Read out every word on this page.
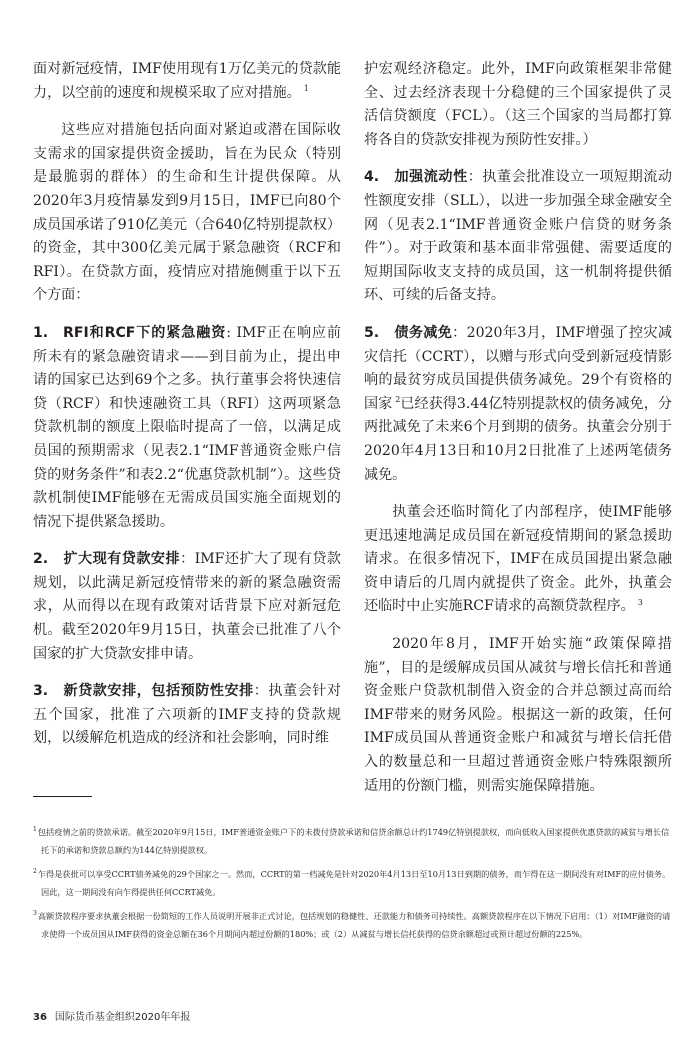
面对新冠疫情，IMF使用现有1万亿美元的贷款能力，以空前的速度和规模采取了应对措施。 $^1$

这些应对措施包括向面对紧迫或潜在国际收支需求的国家提供资金援助，旨在为民众（特别是最脆弱的群体）的生命和生计提供保障。从2020年3月疫情暴发到9月15日，IMF已向80个成员国承诺了910亿美元（合640亿特别提款权）的资金，其中300亿美元属于紧急融资（RCF和RFI）。在贷款方面，疫情应对措施侧重于以下五个方面：

1. RFI和RCF下的紧急融资: IMF正在响应前所未有的紧急融资请求——到目前为止，提出申请的国家已达到69个之多。执行董事会将快速信贷（RCF）和快速融资工具（RFI）这两项紧急贷款机制的额度上限临时提高了一倍，以满足成员国的预期需求（见表2.1“IMF普通资金账户信贷的财务条件”和表2.2“优惠贷款机制”）。这些贷款机制使IMF能够在无需成员国实施全面规划的情况下提供紧急援助。

2. 扩大现有贷款安排：IMF还扩大了现有贷款规划，以此满足新冠疫情带来的新的紧急融资需求，从而得以在现有政策对话背景下应对新冠危机。截至2020年9月15日，执董会已批准了八个国家的扩大贷款安排申请。

3. 新贷款安排，包括预防性安排：执董会针对五个国家，批准了六项新的IMF支持的贷款规划，以缓解危机造成的经济和社会影响，同时维

护宏观经济稳定。此外，IMF向政策框架非常健全、过去经济表现十分稳健的三个国家提供了灵活信贷额度（FCL）。（这三个国家的当局都打算将各自的贷款安排视为预防性安排。）

4. 加强流动性：执董会批准设立一项短期流动性额度安排（SLL），以进一步加强全球金融安全网（见表2.1“IMF普通资金账户信贷的财务条件”）。对于政策和基本面非常强健、需要适度的短期国际收支支持的成员国，这一机制将提供循环、可续的后备支持。

5. 债务减免：2020年3月，IMF增强了控灾减灾信托（CCRT），以赠与形式向受到新冠疫情影响的最贫穷成员国提供债务减免。29个有资格的国家 $^2$已经获得3.44亿特别提款权的债务减免，分两批减免了未来6个月到期的债务。执董会分别于2020年4月13日和10月2日批准了上述两笔债务减免。

执董会还临时简化了内部程序，使IMF能够更迅速地满足成员国在新冠疫情期间的紧急援助请求。在很多情况下，IMF在成员国提出紧急融资申请后的几周内就提供了资金。此外，执董会还临时中止实施RCF请求的高额贷款程序。 $^3$

2020年8月，IMF开始实施“政策保障措施”，目的是缓解成员国从减贫与增长信托和普通资金账户贷款机制借入资金的合并总额过高而给IMF带来的财务风险。根据这一新的政策，任何IMF成员国从普通资金账户和减贫与增长信托借入的数量总和一旦超过普通资金账户特殊限额所适用的份额门槛，则需实施保障措施。

$^1$包括疫情之前的贷款承诺。截至2020年9月15日，IMF普通资金账户下的未拨付贷款承诺和信贷余额总计约1749亿特别提款权，而向低收入国家提供优惠贷款的减贫与增长信托下的承诺和贷款总额约为144亿特别提款权。

$^2$乍得是获批可以享受CCRT债务减免的29个国家之一。然而，CCRT的第一档减免是针对2020年4月13日至10月13日到期的债务，而乍得在这一期间没有对IMF的应付债务。因此，这一期间没有向乍得提供任何CCRT减免。

$^3$高额贷款程序要求执董会根据一份简短的工作人员说明开展非正式讨论，包括规划的稳健性、还款能力和债务可持续性。高额贷款程序在以下情况下启用：（1）对IMF融资的请求使得一个成员国从IMF获得的资金总额在36个月期间内超过份额的180%；或（2）从减贫与增长信托获得的信贷余额超过或预计超过份额的225%。

36 国际货币基金组织2020年年报
